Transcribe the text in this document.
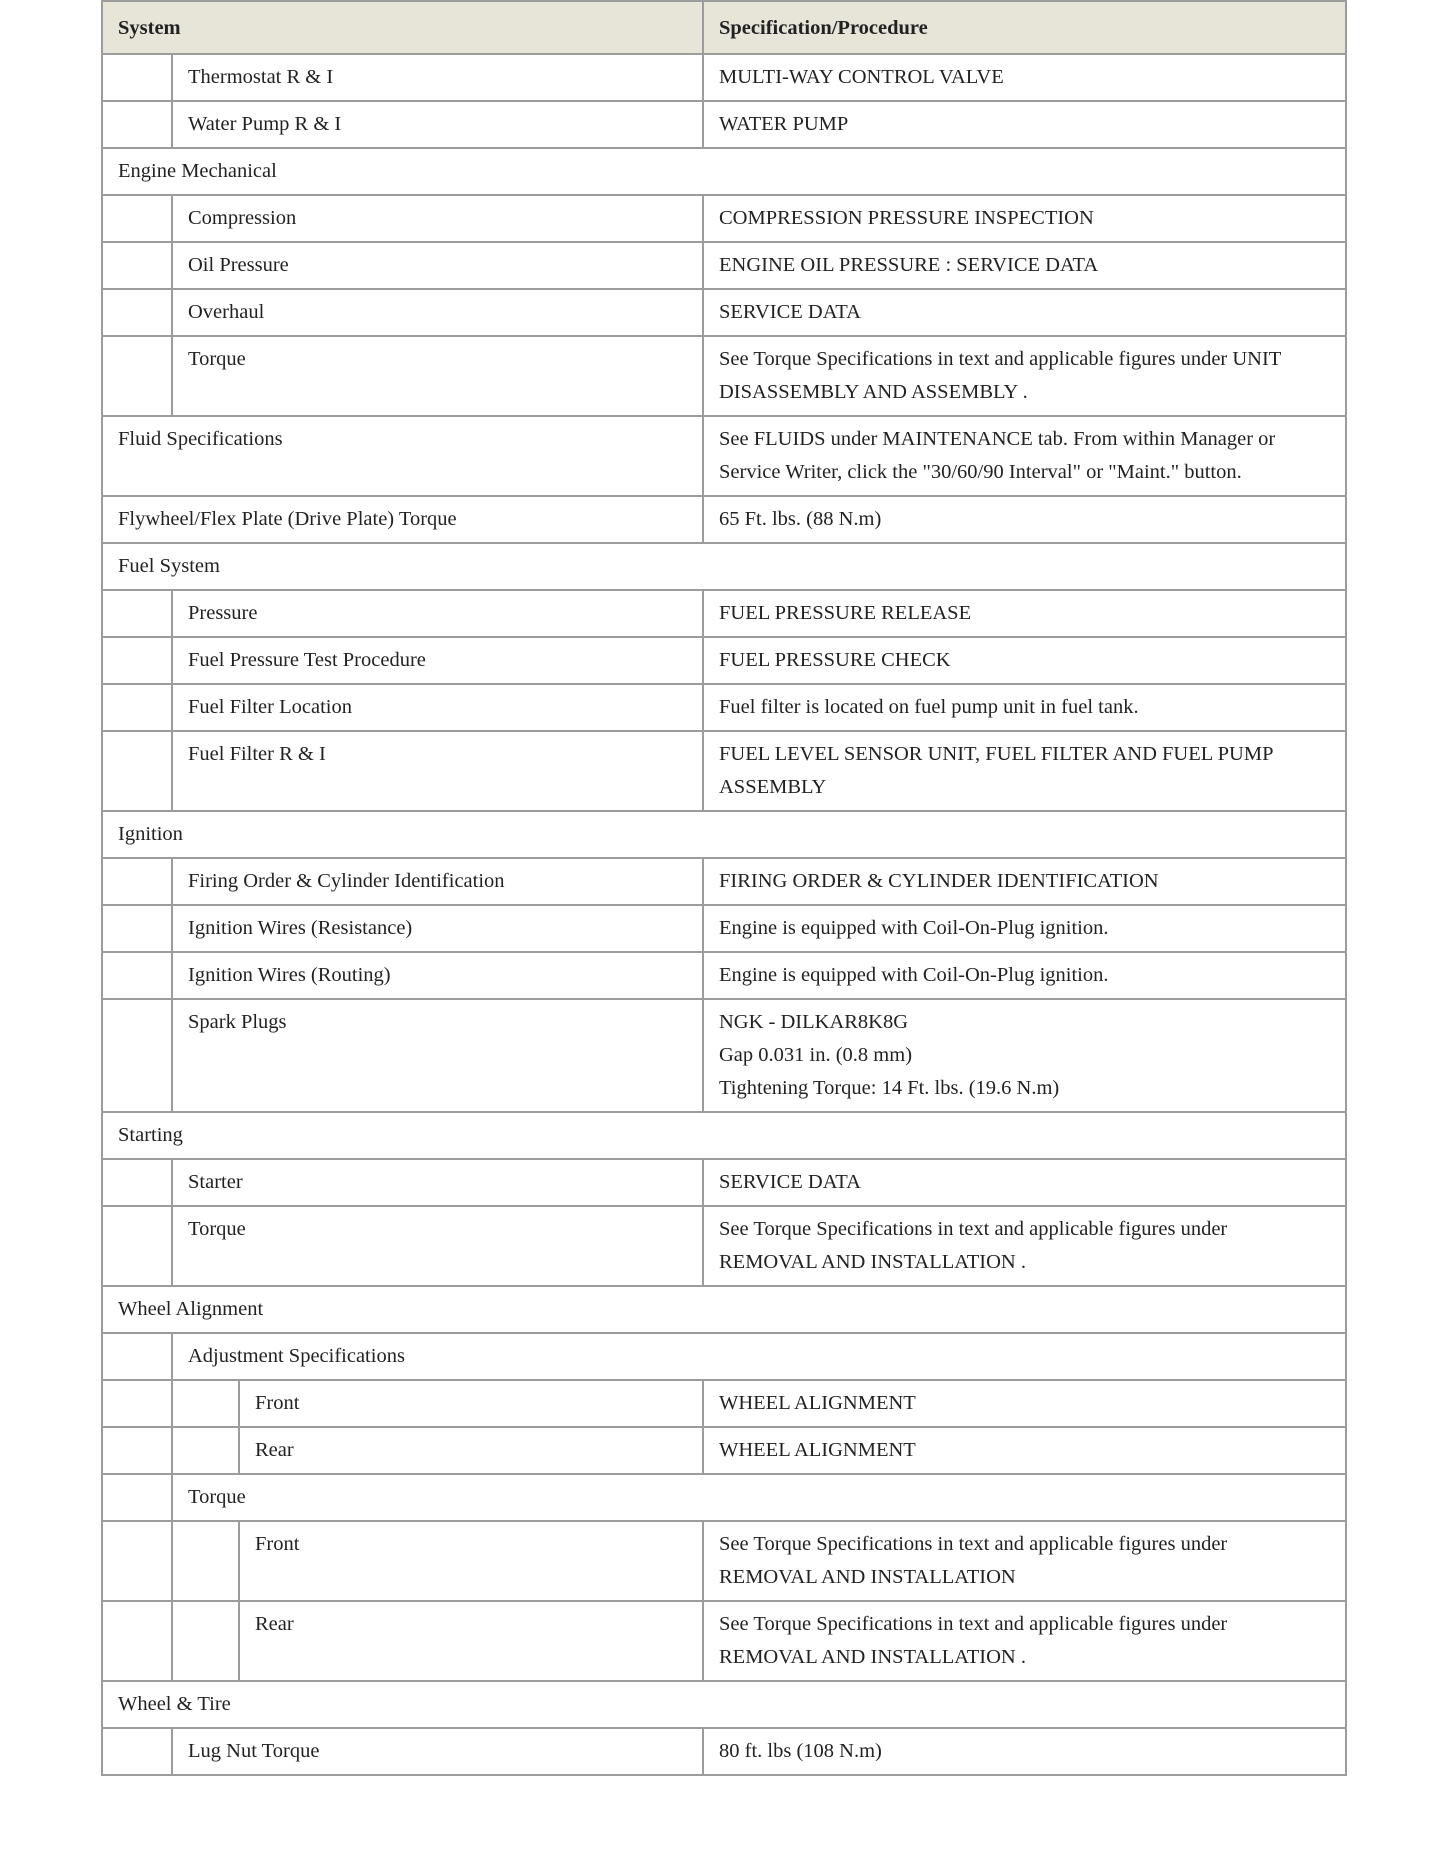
System			Specification/Procedure
	Thermostat R & I		MULTI-WAY CONTROL VALVE

	Water Pump R & I		WATER PUMP

Engine Mechanical			
	Compression		COMPRESSION PRESSURE INSPECTION

	Oil Pressure		ENGINE OIL PRESSURE : SERVICE DATA

	Overhaul		SERVICE DATA

	Torque		See Torque Specifications in text and applicable figures under UNIT DISASSEMBLY AND ASSEMBLY .

Fluid Specifications			See FLUIDS under MAINTENANCE tab. From within Manager or Service Writer, click the "30/60/90 Interval" or "Maint." button.

Flywheel/Flex Plate (Drive Plate) Torque			65 Ft. lbs. (88 N.m)

Fuel System			
	Pressure		FUEL PRESSURE RELEASE

	Fuel Pressure Test Procedure		FUEL PRESSURE CHECK

	Fuel Filter Location		Fuel filter is located on fuel pump unit in fuel tank.

	Fuel Filter R & I		FUEL LEVEL SENSOR UNIT, FUEL FILTER AND FUEL PUMP ASSEMBLY

Ignition			
	Firing Order & Cylinder Identification		FIRING ORDER & CYLINDER IDENTIFICATION

	Ignition Wires (Resistance)		Engine is equipped with Coil-On-Plug ignition.

	Ignition Wires (Routing)		Engine is equipped with Coil-On-Plug ignition.

	Spark Plugs		NGK - DILKAR8K8G
Gap 0.031 in. (0.8 mm)
Tightening Torque: 14 Ft. lbs. (19.6 N.m)

Starting			
	Starter		SERVICE DATA

	Torque		See Torque Specifications in text and applicable figures under REMOVAL AND INSTALLATION .

Wheel Alignment			
	Adjustment Specifications		
		Front	WHEEL ALIGNMENT

		Rear	WHEEL ALIGNMENT

	Torque		
		Front	See Torque Specifications in text and applicable figures under REMOVAL AND INSTALLATION

		Rear	See Torque Specifications in text and applicable figures under REMOVAL AND INSTALLATION .

Wheel & Tire			
	Lug Nut Torque		80 ft. lbs (108 N.m)
